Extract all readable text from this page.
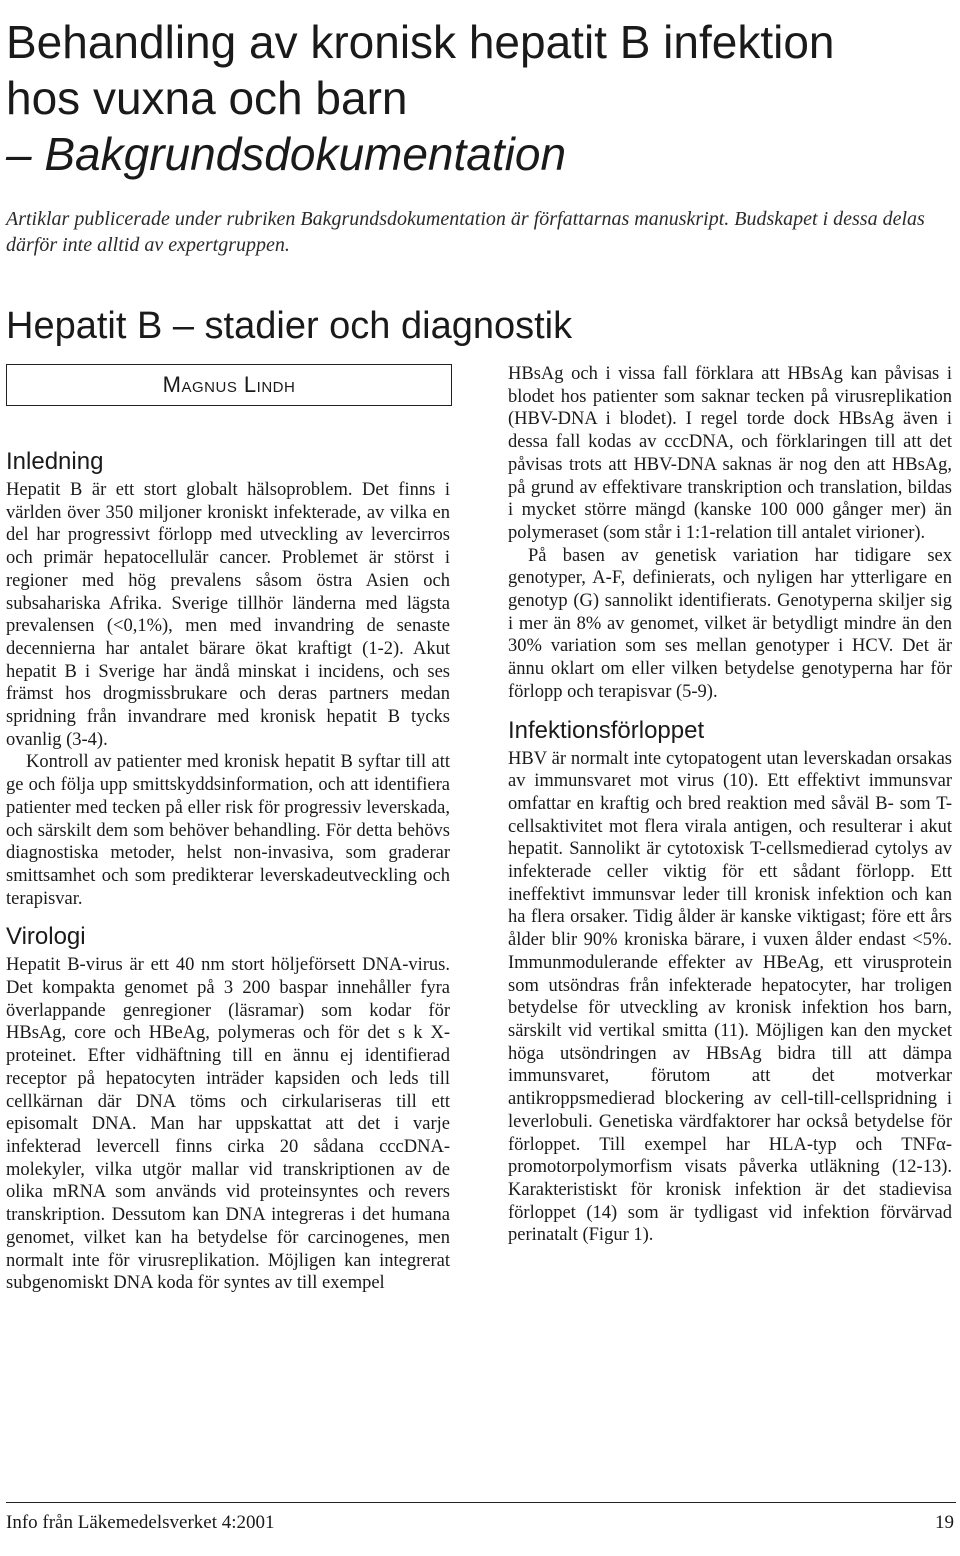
Behandling av kronisk hepatit B infektion
hos vuxna och barn
– Bakgrundsdokumentation

Artiklar publicerade under rubriken Bakgrundsdokumentation är författarnas manuskript. Budskapet i dessa delas därför inte alltid av expertgruppen.

Hepatit B – stadier och diagnostik
Magnus Lindh
Inledning

Hepatit B är ett stort globalt hälsoproblem. Det finns i världen över 350 miljoner kroniskt infekterade, av vilka en del har progressivt förlopp med utveckling av levercirros och primär hepatocellulär cancer. Problemet är störst i regioner med hög prevalens såsom östra Asien och subsahariska Afrika. Sverige tillhör länderna med lägsta prevalensen (<0,1%), men med invandring de senaste decennierna har antalet bärare ökat kraftigt (1-2). Akut hepatit B i Sverige har ändå minskat i incidens, och ses främst hos drogmissbrukare och deras partners medan spridning från invandrare med kronisk hepatit B tycks ovanlig (3-4).

Kontroll av patienter med kronisk hepatit B syftar till att ge och följa upp smittskyddsinformation, och att identifiera patienter med tecken på eller risk för progressiv leverskada, och särskilt dem som behöver behandling. För detta behövs diagnostiska metoder, helst non-invasiva, som graderar smittsamhet och som predikterar leverskadeutveckling och terapisvar.

Virologi

Hepatit B-virus är ett 40 nm stort höljeförsett DNA-virus. Det kompakta genomet på 3 200 baspar innehåller fyra överlappande genregioner (läsramar) som kodar för HBsAg, core och HBeAg, polymeras och för det s k X-proteinet. Efter vidhäftning till en ännu ej identifierad receptor på hepatocyten inträder kapsiden och leds till cellkärnan där DNA töms och cirkulariseras till ett episomalt DNA. Man har uppskattat att det i varje infekterad levercell finns cirka 20 sådana cccDNA-molekyler, vilka utgör mallar vid transkriptionen av de olika mRNA som används vid proteinsyntes och revers transkription. Dessutom kan DNA integreras i det humana genomet, vilket kan ha betydelse för carcinogenes, men normalt inte för virusreplikation. Möjligen kan integrerat subgenomiskt DNA koda för syntes av till exempel

HBsAg och i vissa fall förklara att HBsAg kan påvisas i blodet hos patienter som saknar tecken på virusreplikation (HBV-DNA i blodet). I regel torde dock HBsAg även i dessa fall kodas av cccDNA, och förklaringen till att det påvisas trots att HBV-DNA saknas är nog den att HBsAg, på grund av effektivare transkription och translation, bildas i mycket större mängd (kanske 100 000 gånger mer) än polymeraset (som står i 1:1-relation till antalet virioner).

På basen av genetisk variation har tidigare sex genotyper, A-F, definierats, och nyligen har ytterligare en genotyp (G) sannolikt identifierats. Genotyperna skiljer sig i mer än 8% av genomet, vilket är betydligt mindre än den 30% variation som ses mellan genotyper i HCV. Det är ännu oklart om eller vilken betydelse genotyperna har för förlopp och terapisvar (5-9).

Infektionsförloppet

HBV är normalt inte cytopatogent utan leverskadan orsakas av immunsvaret mot virus (10). Ett effektivt immunsvar omfattar en kraftig och bred reaktion med såväl B- som T-cellsaktivitet mot flera virala antigen, och resulterar i akut hepatit. Sannolikt är cytotoxisk T-cellsmedierad cytolys av infekterade celler viktig för ett sådant förlopp. Ett ineffektivt immunsvar leder till kronisk infektion och kan ha flera orsaker. Tidig ålder är kanske viktigast; före ett års ålder blir 90% kroniska bärare, i vuxen ålder endast <5%. Immunmodulerande effekter av HBeAg, ett virusprotein som utsöndras från infekterade hepatocyter, har troligen betydelse för utveckling av kronisk infektion hos barn, särskilt vid vertikal smitta (11). Möjligen kan den mycket höga utsöndringen av HBsAg bidra till att dämpa immunsvaret, förutom att det motverkar antikroppsmedierad blockering av cell-till-cellspridning i leverlobuli. Genetiska värdfaktorer har också betydelse för förloppet. Till exempel har HLA-typ och TNFα-promotorpolymorfism visats påverka utläkning (12-13). Karakteristiskt för kronisk infektion är det stadievisa förloppet (14) som är tydligast vid infektion förvärvad perinatalt (Figur 1).

Info från Läkemedelsverket 4:2001	19
